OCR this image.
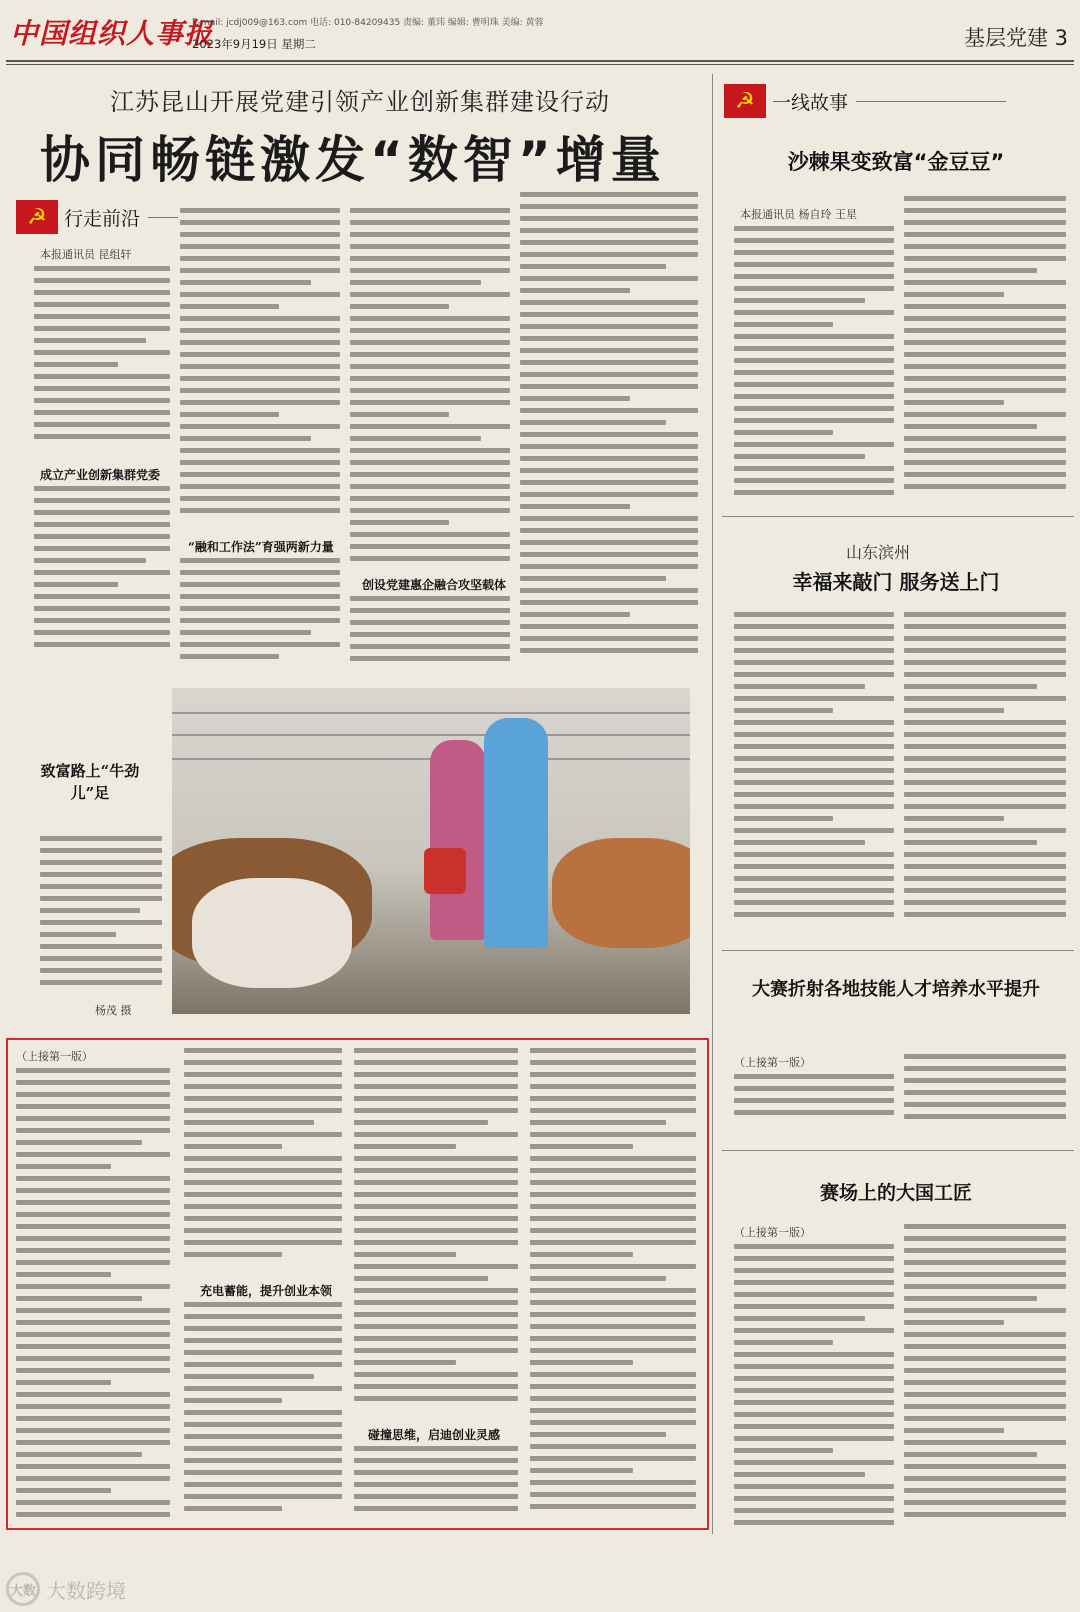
中国组织人事报
E-mail: jcdj009@163.com 电话: 010-84209435 责编: 董玮 编辑: 曹明珠 美编: 黄蓉
2023年9月19日 星期二	基层党建 3
江苏昆山开展党建引领产业创新集群建设行动
协同畅链激发“数智”增量
☭ 行走前沿
本报通讯员 昆组轩
成立产业创新集群党委
“融和工作法”育强两新力量
创设党建惠企融合攻坚载体
致富路上“牛劲儿”足
杨茂 摄
☭ 一线故事
沙棘果变致富“金豆豆”
本报通讯员 杨自玲 王星
山东滨州
幸福来敲门 服务送上门
大赛折射各地技能人才培养水平提升
（上接第一版）
赛场上的大国工匠
（上接第一版）
（上接第一版）
充电蓄能，提升创业本领
碰撞思维，启迪创业灵感
大数 大数跨境
